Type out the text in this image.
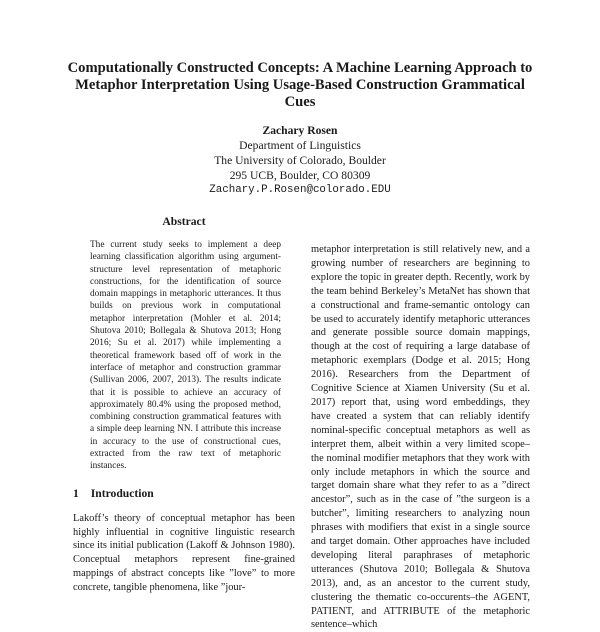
Computationally Constructed Concepts: A Machine Learning Approach to Metaphor Interpretation Using Usage-Based Construction Grammatical Cues
Zachary Rosen
Department of Linguistics
The University of Colorado, Boulder
295 UCB, Boulder, CO 80309
Zachary.P.Rosen@colorado.EDU
Abstract

The current study seeks to implement a deep learning classification algorithm using argument-structure level representation of metaphoric constructions, for the identification of source domain mappings in metaphoric utterances. It thus builds on previous work in computational metaphor interpretation (Mohler et al. 2014; Shutova 2010; Bollegala & Shutova 2013; Hong 2016; Su et al. 2017) while implementing a theoretical framework based off of work in the interface of metaphor and construction grammar (Sullivan 2006, 2007, 2013). The results indicate that it is possible to achieve an accuracy of approximately 80.4% using the proposed method, combining construction grammatical features with a simple deep learning NN. I attribute this increase in accuracy to the use of constructional cues, extracted from the raw text of metaphoric instances.

1 Introduction

Lakoff’s theory of conceptual metaphor has been highly influential in cognitive linguistic research since its initial publication (Lakoff & Johnson 1980). Conceptual metaphors represent fine-grained mappings of abstract concepts like ”love” to more concrete, tangible phenomena, like ”jour-

metaphor interpretation is still relatively new, and a growing number of researchers are beginning to explore the topic in greater depth. Recently, work by the team behind Berkeley’s MetaNet has shown that a constructional and frame-semantic ontology can be used to accurately identify metaphoric utterances and generate possible source domain mappings, though at the cost of requiring a large database of metaphoric exemplars (Dodge et al. 2015; Hong 2016). Researchers from the Department of Cognitive Science at Xiamen University (Su et al. 2017) report that, using word embeddings, they have created a system that can reliably identify nominal-specific conceptual metaphors as well as interpret them, albeit within a very limited scope–the nominal modifier metaphors that they work with only include metaphors in which the source and target domain share what they refer to as a ”direct ancestor”, such as in the case of ”the surgeon is a butcher”, limiting researchers to analyzing noun phrases with modifiers that exist in a single source and target domain. Other approaches have included developing literal paraphrases of metaphoric utterances (Shutova 2010; Bollegala & Shutova 2013), and, as an ancestor to the current study, clustering the thematic co-occurents–the AGENT, PATIENT, and ATTRIBUTE of the metaphoric sentence–which
